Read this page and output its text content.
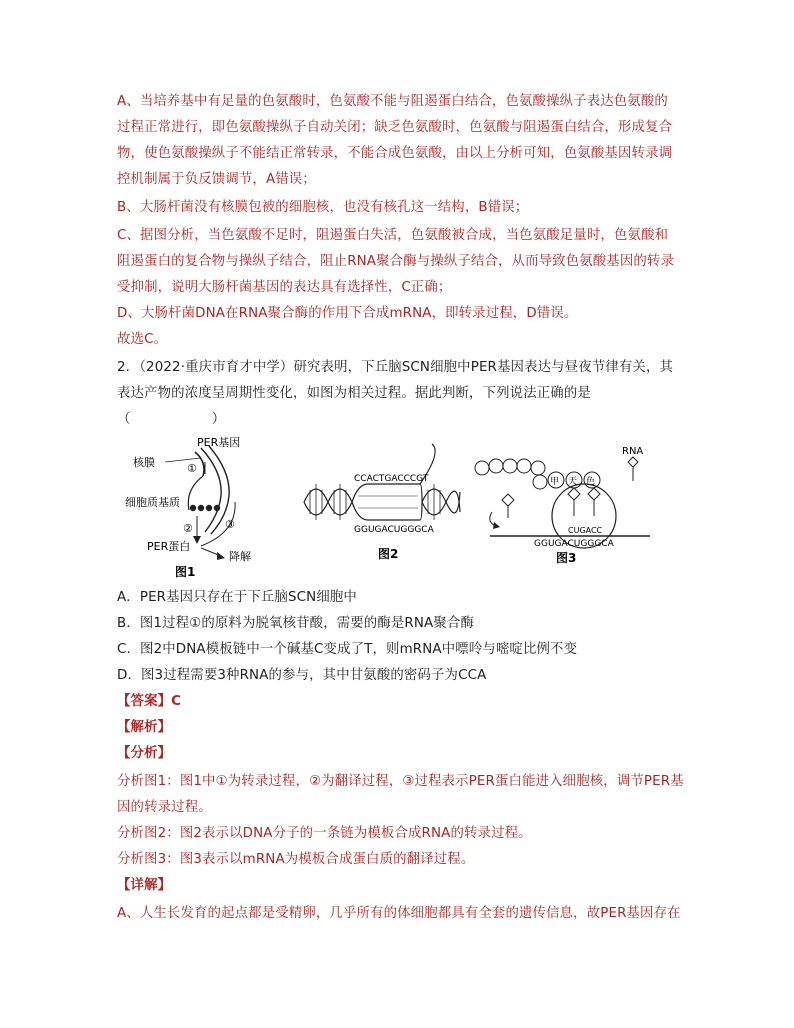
A、当培养基中有足量的色氨酸时，色氨酸不能与阻遏蛋白结合，色氨酸操纵子表达色氨酸的
过程正常进行，即色氨酸操纵子自动关闭；缺乏色氨酸时，色氨酸与阻遏蛋白结合，形成复合
物，使色氨酸操纵子不能结正常转录，不能合成色氨酸，由以上分析可知，色氨酸基因转录调
控机制属于负反馈调节，A错误；
B、大肠杆菌没有核膜包被的细胞核，也没有核孔这一结构，B错误；
C、据图分析，当色氨酸不足时，阻遏蛋白失活，色氨酸被合成，当色氨酸足量时，色氨酸和
阻遏蛋白的复合物与操纵子结合，阻止RNA聚合酶与操纵子结合，从而导致色氨酸基因的转录
受抑制，说明大肠杆菌基因的表达具有选择性，C正确；
D、大肠杆菌DNA在RNA聚合酶的作用下合成mRNA，即转录过程，D错误。
故选C。
2．（2022·重庆市育才中学）研究表明，下丘脑SCN细胞中PER基因表达与昼夜节律有关，其
表达产物的浓度呈周期性变化，如图为相关过程。据此判断，下列说法正确的是
（　　　　　　）
核膜
PER基因
①
细胞质基质
②	③
PER蛋白
降解
图1
CCACTGACCCGT
GGUGACUGGGCA
图2
甲 天 色
RNA
CUGACC
GGUGACUGGGCA
图3
A．PER基因只存在于下丘脑SCN细胞中
B．图1过程①的原料为脱氧核苷酸，需要的酶是RNA聚合酶
C．图2中DNA模板链中一个碱基C变成了T，则mRNA中嘌呤与嘧啶比例不变
D．图3过程需要3种RNA的参与，其中甘氨酸的密码子为CCA
【答案】C
【解析】
【分析】
分析图1：图1中①为转录过程，②为翻译过程，③过程表示PER蛋白能进入细胞核，调节PER基
因的转录过程。
分析图2：图2表示以DNA分子的一条链为模板合成RNA的转录过程。
分析图3：图3表示以mRNA为模板合成蛋白质的翻译过程。
【详解】
A、人生长发育的起点都是受精卵，几乎所有的体细胞都具有全套的遗传信息，故PER基因存在
